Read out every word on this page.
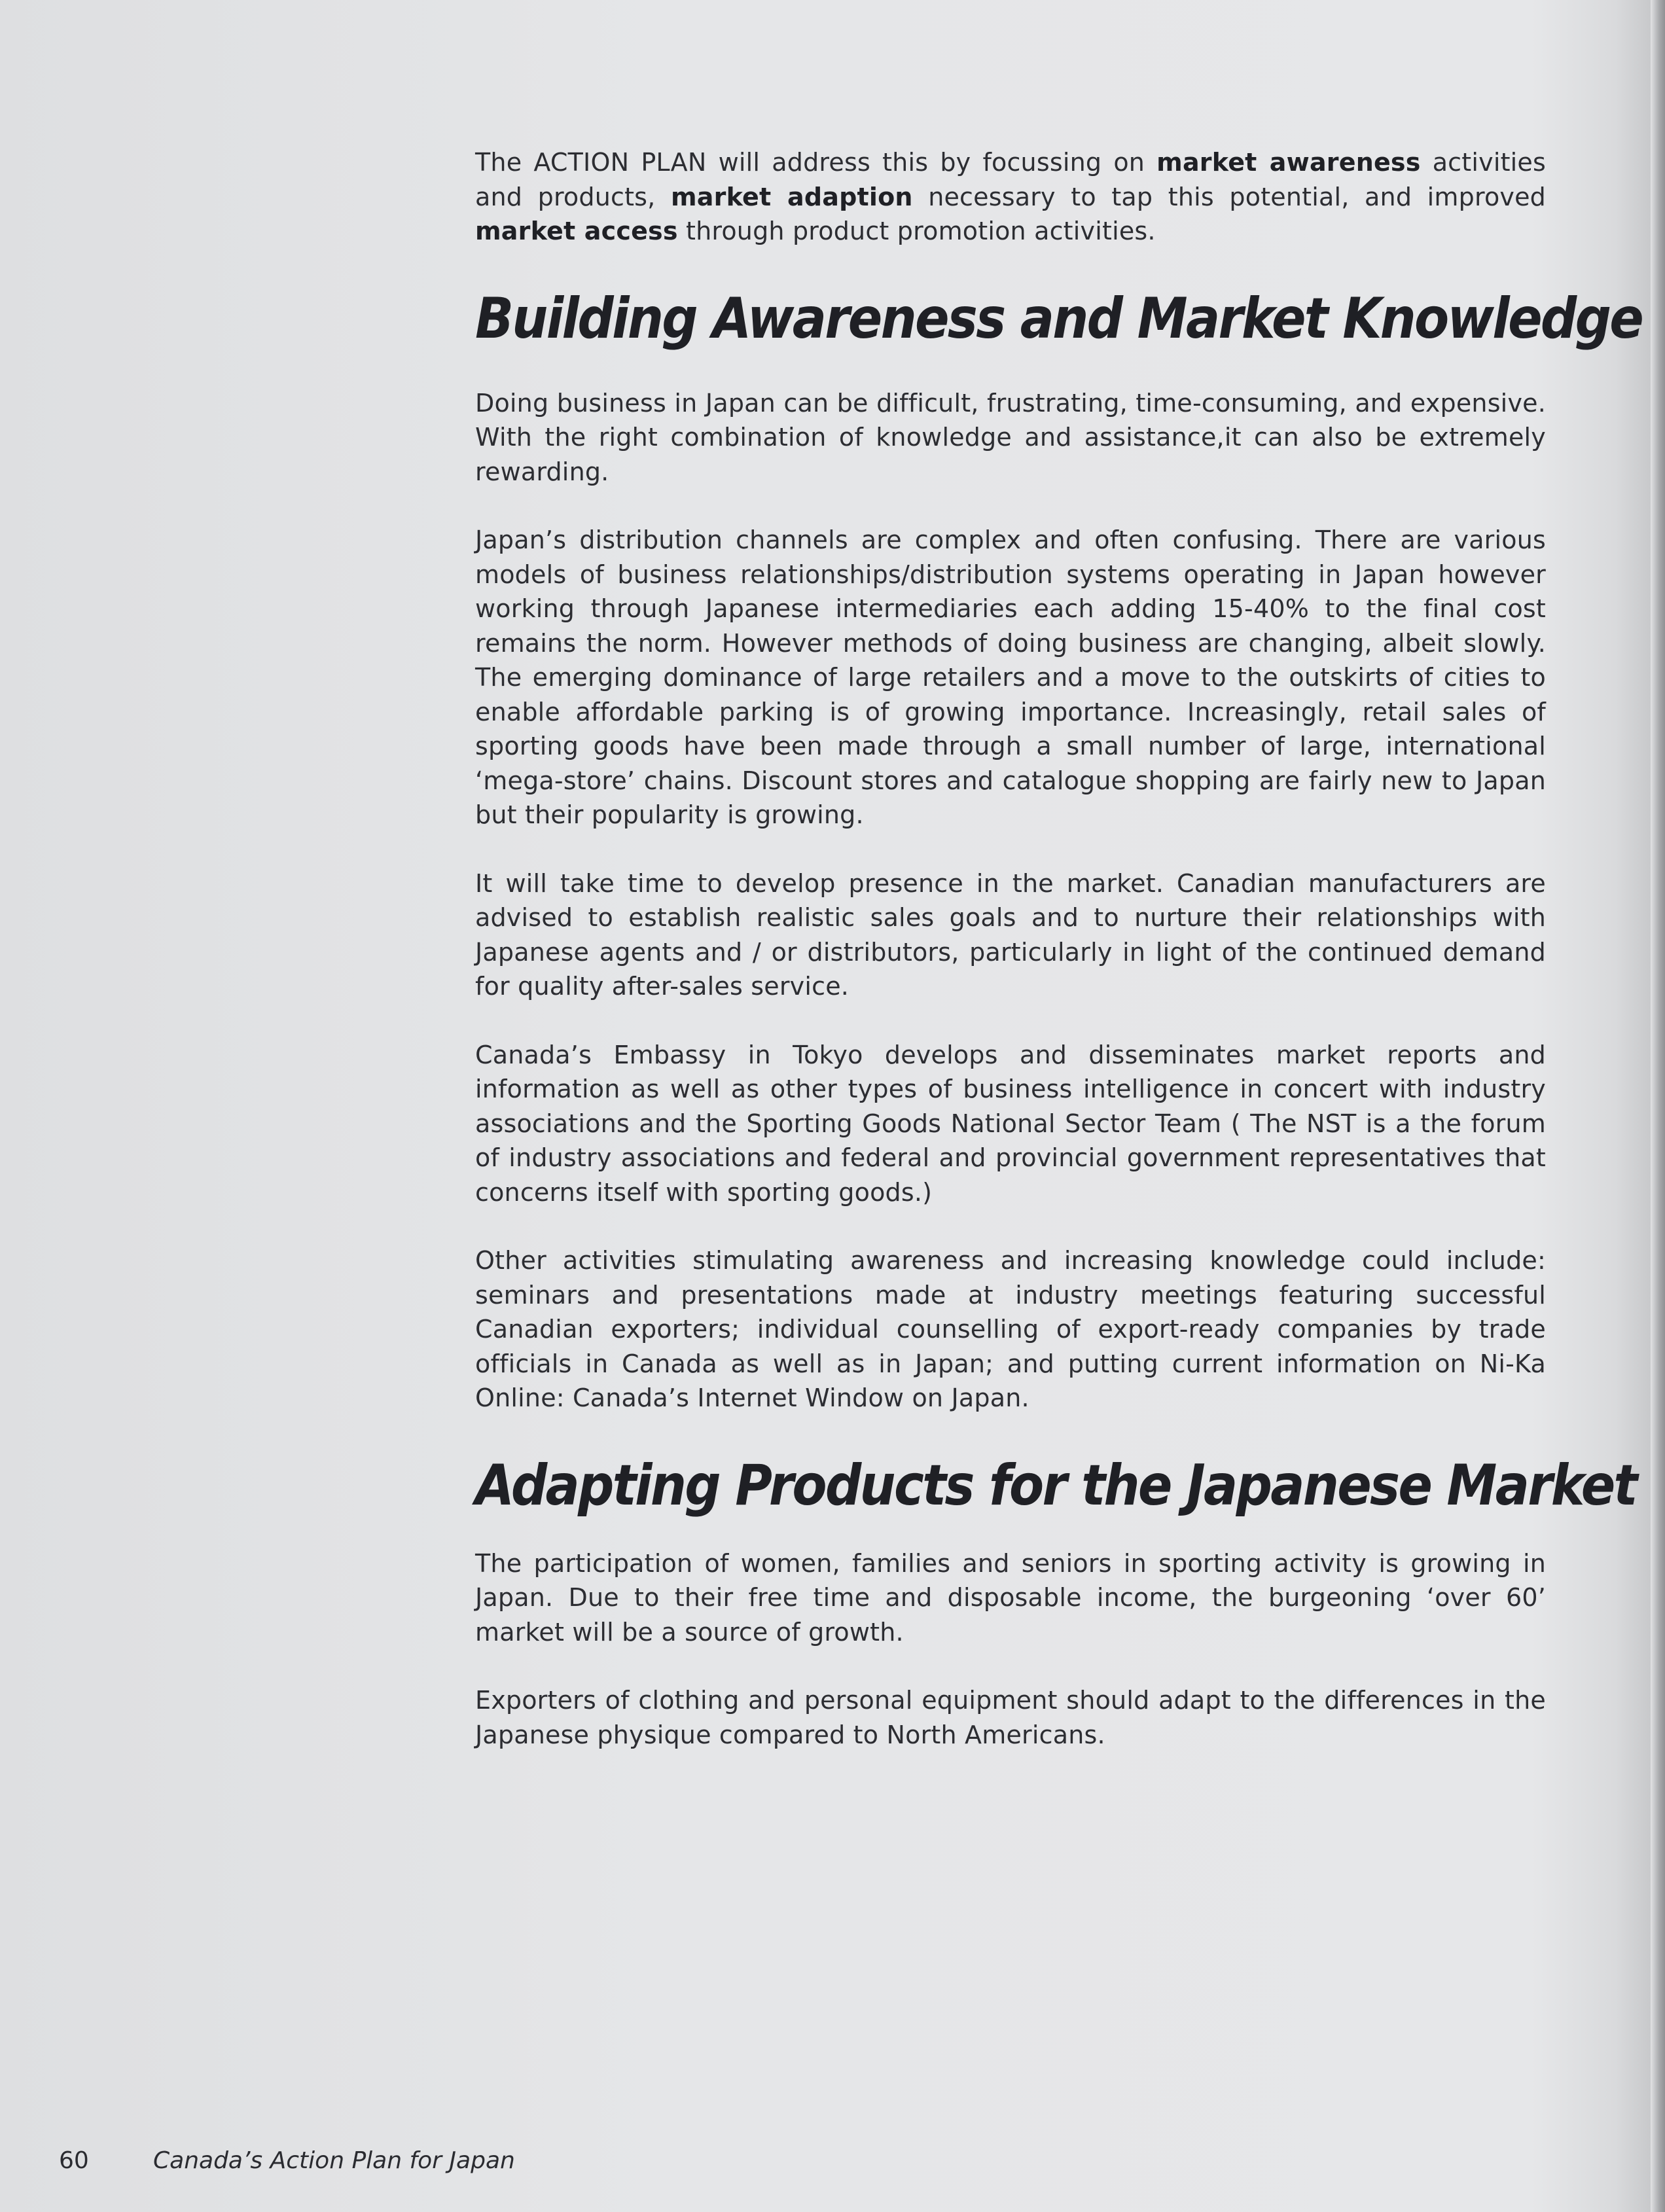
The ACTION PLAN will address this by focussing on market awareness activities and products, market adaption necessary to tap this potential, and improved market access through product promotion activities.

Building Awareness and Market Knowledge

Doing business in Japan can be difficult, frustrating, time-consuming, and expensive. With the right combination of knowledge and assistance,it can also be extremely rewarding.

Japan’s distribution channels are complex and often confusing. There are various models of business relationships/distribution systems operating in Japan however working through Japanese intermediaries each adding 15-40% to the final cost remains the norm. However methods of doing business are changing, albeit slowly. The emerging dominance of large retailers and a move to the outskirts of cities to enable affordable parking is of growing importance. Increasingly, retail sales of sporting goods have been made through a small number of large, international ‘mega-store’ chains. Discount stores and catalogue shopping are fairly new to Japan but their popularity is growing.

It will take time to develop presence in the market. Canadian manufacturers are advised to establish realistic sales goals and to nurture their relationships with Japanese agents and / or distributors, particularly in light of the continued demand for quality after-sales service.

Canada’s Embassy in Tokyo develops and disseminates market reports and information as well as other types of business intelligence in concert with industry associations and the Sporting Goods National Sector Team ( The NST is a the forum of industry associations and federal and provincial government representatives that concerns itself with sporting goods.)

Other activities stimulating awareness and increasing knowledge could include: seminars and presentations made at industry meetings featuring successful Canadian exporters; individual counselling of export-ready companies by trade officials in Canada as well as in Japan; and putting current information on Ni-Ka Online: Canada’s Internet Window on Japan.

Adapting Products for the Japanese Market

The participation of women, families and seniors in sporting activity is growing in Japan. Due to their free time and disposable income, the burgeoning ‘over 60’ market will be a source of growth.

Exporters of clothing and personal equipment should adapt to the differences in the Japanese physique compared to North Americans.

60	Canada’s Action Plan for Japan
